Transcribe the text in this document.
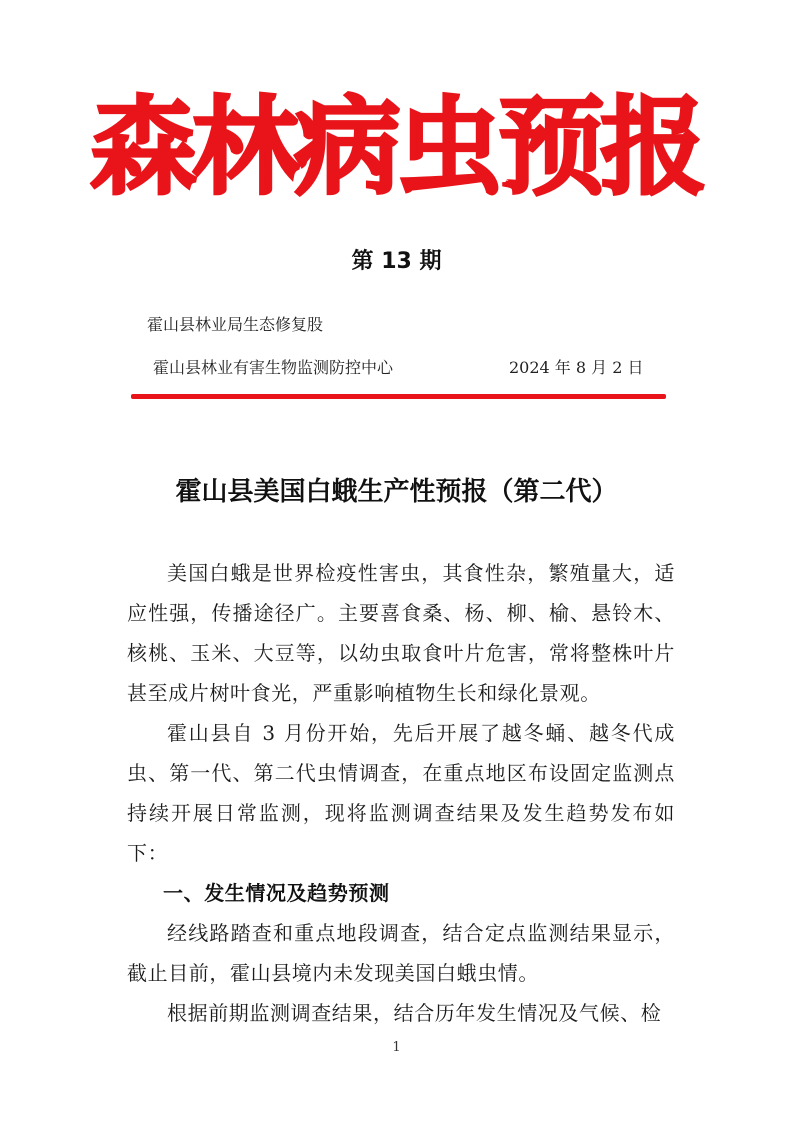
森林病虫预报
第 13 期
霍山县林业局生态修复股
霍山县林业有害生物监测防控中心	2024 年 8 月 2 日
霍山县美国白蛾生产性预报（第二代）

美国白蛾是世界检疫性害虫，其食性杂，繁殖量大，适应性强，传播途径广。主要喜食桑、杨、柳、榆、悬铃木、核桃、玉米、大豆等，以幼虫取食叶片危害，常将整株叶片甚至成片树叶食光，严重影响植物生长和绿化景观。

霍山县自 3 月份开始，先后开展了越冬蛹、越冬代成虫、第一代、第二代虫情调查，在重点地区布设固定监测点持续开展日常监测，现将监测调查结果及发生趋势发布如下：

一、发生情况及趋势预测

经线路踏查和重点地段调查，结合定点监测结果显示，截止目前，霍山县境内未发现美国白蛾虫情。

根据前期监测调查结果，结合历年发生情况及气候、检

1
